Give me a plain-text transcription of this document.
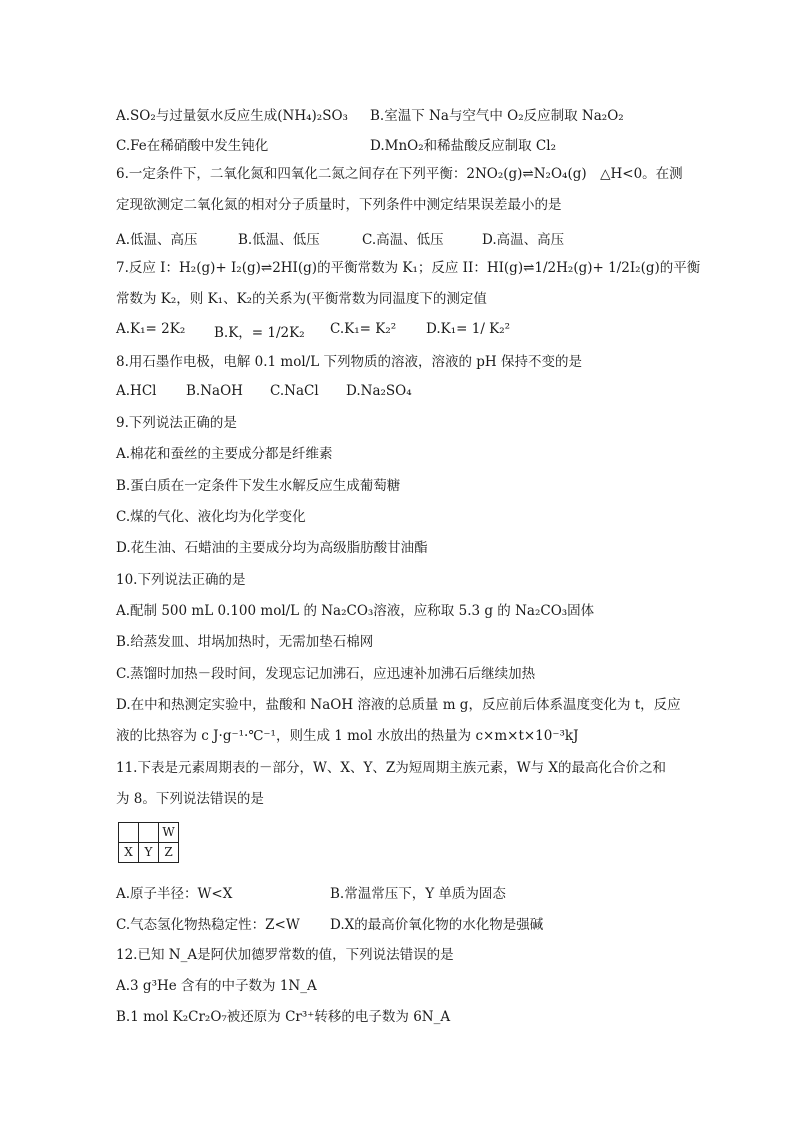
A.SO₂与过量氨水反应生成(NH₄)₂SO₃ B.室温下 Na与空气中 O₂反应制取 Na₂O₂
C.Fe在稀硝酸中发生钝化	D.MnO₂和稀盐酸反应制取 Cl₂
6.一定条件下，二氧化氮和四氧化二氮之间存在下列平衡：2NO₂(g)⇌N₂O₄(g)　△H<0。在测
定现欲测定二氧化氮的相对分子质量时，下列条件中测定结果误差最小的是
A.低温、高压	B.低温、低压	C.高温、低压	D.高温、高压
7.反应 I：H₂(g)+ I₂(g)⇌2HI(g)的平衡常数为 K₁；反应 II：HI(g)⇌1/2H₂(g)+ 1/2I₂(g)的平衡
常数为 K₂，则 K₁、K₂的关系为(平衡常数为同温度下的测定值
A.K₁= 2K₂ B.K，= 1/2K₂ C.K₁= K₂² D.K₁= 1/ K₂²
8.用石墨作电极，电解 0.1 mol/L 下列物质的溶液，溶液的 pH 保持不变的是
A.HCl B.NaOH C.NaCl D.Na₂SO₄
9.下列说法正确的是
A.棉花和蚕丝的主要成分都是纤维素
B.蛋白质在一定条件下发生水解反应生成葡萄糖
C.煤的气化、液化均为化学变化
D.花生油、石蜡油的主要成分均为高级脂肪酸甘油酯
10.下列说法正确的是
A.配制 500 mL 0.100 mol/L 的 Na₂CO₃溶液，应称取 5.3 g 的 Na₂CO₃固体
B.给蒸发皿、坩埚加热时，无需加垫石棉网
C.蒸馏时加热－段时间，发现忘记加沸石，应迅速补加沸石后继续加热
D.在中和热测定实验中，盐酸和 NaOH 溶液的总质量 m g，反应前后体系温度变化为 t，反应
液的比热容为 c J·g⁻¹·℃⁻¹，则生成 1 mol 水放出的热量为 c×m×t×10⁻³kJ
11.下表是元素周期表的－部分，W、X、Y、Z为短周期主族元素，W与 X的最高化合价之和
为 8。下列说法错误的是
		W
X	Y	Z
A.原子半径：W<X	B.常温常压下，Y 单质为固态
C.气态氢化物热稳定性：Z<W D.X的最高价氧化物的水化物是强碱
12.已知 N_A是阿伏加德罗常数的值，下列说法错误的是
A.3 g³He 含有的中子数为 1N_A
B.1 mol K₂Cr₂O₇被还原为 Cr³⁺转移的电子数为 6N_A
